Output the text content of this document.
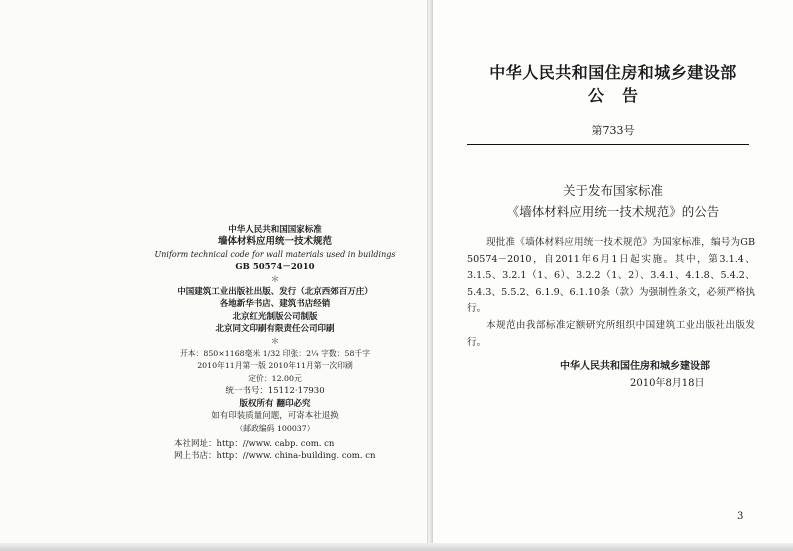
中华人民共和国国家标准
墙体材料应用统一技术规范
Uniform technical code for wall materials used in buildings
GB 50574－2010
＊
中国建筑工业出版社出版、发行（北京西郊百万庄）
各地新华书店、建筑书店经销
北京红光制版公司制版
北京同文印刷有限责任公司印刷
＊
开本：850×1168毫米 1/32 印张：2¼ 字数：58千字
2010年11月第一版 2010年11月第一次印刷
定价：12.00元
统一书号：15112·17930
版权所有 翻印必究
如有印装质量问题，可寄本社退换
（邮政编码 100037）
本社网址：http：//www. cabp. com. cn
网上书店：http：//www. china-building. com. cn
中华人民共和国住房和城乡建设部
公告
第733号
关于发布国家标准
《墙体材料应用统一技术规范》的公告

现批准《墙体材料应用统一技术规范》为国家标准，编号为GB 50574－2010，自2011年6月1日起实施。其中，第3.1.4、3.1.5、3.2.1（1、6）、3.2.2（1、2）、3.4.1、4.1.8、5.4.2、5.4.3、5.5.2、6.1.9、6.1.10条（款）为强制性条文，必须严格执行。

本规范由我部标准定额研究所组织中国建筑工业出版社出版发行。

中华人民共和国住房和城乡建设部
2010年8月18日
3
